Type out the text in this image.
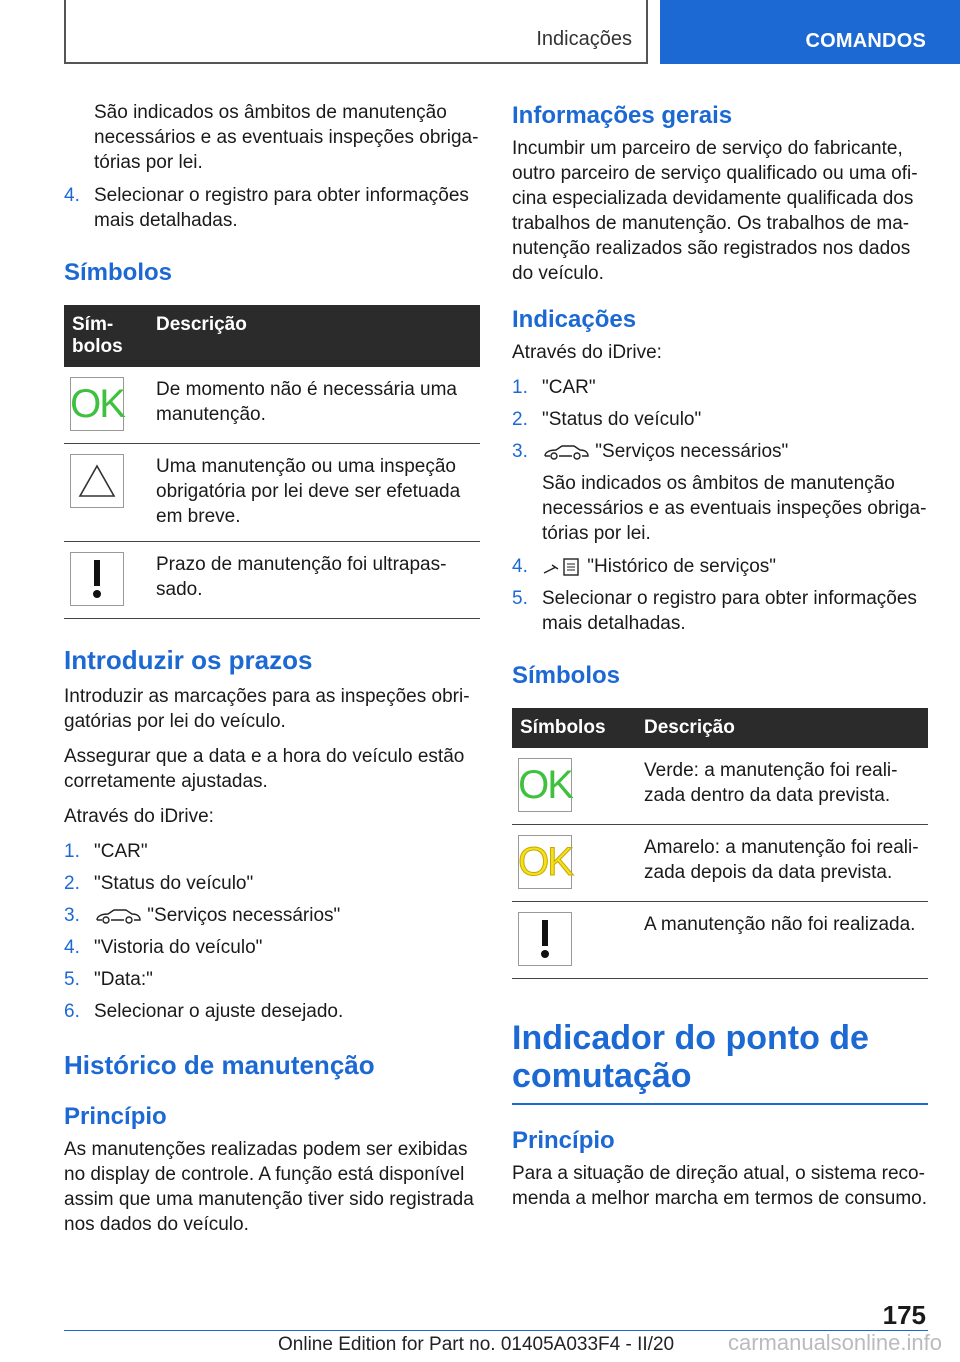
Indicações	COMANDOS

São indicados os âmbitos de manutenção necessários e as eventuais inspeções obrigatórias por lei.

4. Selecionar o registro para obter informações mais detalhadas.
Símbolos
Símbolos	Descrição

OK	De momento não é necessária uma manutenção.

	Uma manutenção ou uma inspeção obrigatória por lei deve ser efetuada em breve.

	Prazo de manutenção foi ultrapassado.
Introduzir os prazos

Introduzir as marcações para as inspeções obrigatórias por lei do veículo.

Assegurar que a data e a hora do veículo estão corretamente ajustadas.

Através do iDrive:

1. "CAR"
2. "Status do veículo"
3.	"Serviços necessários"
4. "Vistoria do veículo"
5. "Data:"
6. Selecionar o ajuste desejado.
Histórico de manutenção
Princípio

As manutenções realizadas podem ser exibidas no display de controle. A função está disponível assim que uma manutenção tiver sido registrada nos dados do veículo.

Informações gerais

Incumbir um parceiro de serviço do fabricante, outro parceiro de serviço qualificado ou uma oficina especializada devidamente qualificada dos trabalhos de manutenção. Os trabalhos de manutenção realizados são registrados nos dados do veículo.

Indicações

Através do iDrive:

1. "CAR"
2. "Status do veículo"
3.	"Serviços necessários"

São indicados os âmbitos de manutenção necessários e as eventuais inspeções obrigatórias por lei.

4.	"Histórico de serviços"
5. Selecionar o registro para obter informações mais detalhadas.
Símbolos
Símbolos	Descrição

OK	Verde: a manutenção foi realizada dentro da data prevista.

OK	Amarelo: a manutenção foi realizada depois da data prevista.

	A manutenção não foi realizada.
Indicador do ponto de comutação
Princípio

Para a situação de direção atual, o sistema recomenda a melhor marcha em termos de consumo.

175
Online Edition for Part no. 01405A033F4 - II/20 carmanualsonline.info
